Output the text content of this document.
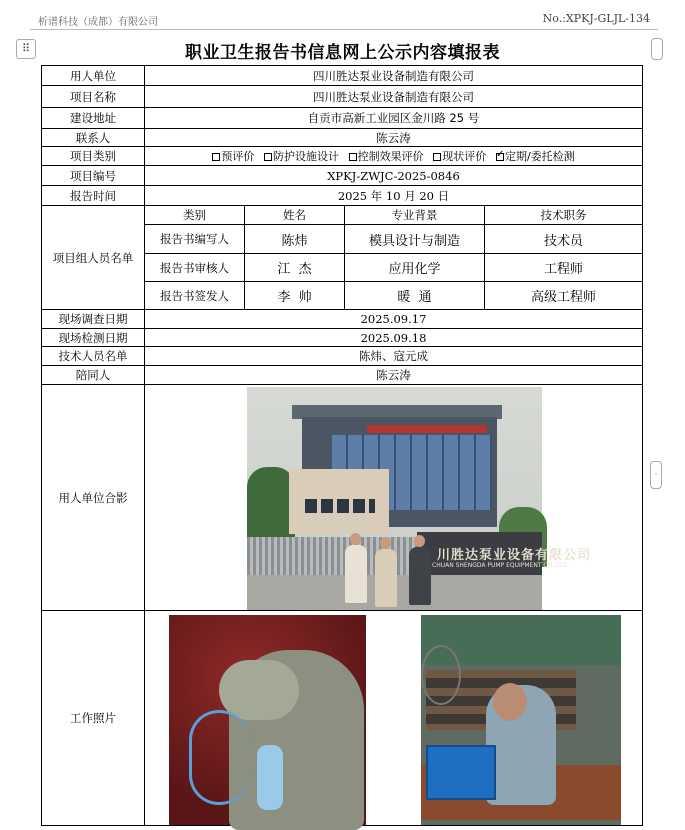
析谱科技（成都）有限公司	No.:XPKJ-GLJL-134
⠿
·
职业卫生报告书信息网上公示内容填报表
用人单位	四川胜达泵业设备制造有限公司			
项目名称	四川胜达泵业设备制造有限公司			
建设地址	自贡市高新工业园区金川路 25 号			
联系人	陈云涛			
项目类别	预评价 防护设施设计 控制效果评价 现状评价 ✓ 定期/委托检测
项目编号	XPKJ-ZWJC-2025-0846			
报告时间	2025 年 10 月 20 日			
项目组人员名单	类别	姓名	专业背景	技术职务
	报告书编写人	陈炜	模具设计与制造	技术员
	报告书审核人	江  杰	应用化学	工程师
	报告书签发人	李  帅	暖  通	高级工程师
现场调查日期	2025.09.17			
现场检测日期	2025.09.18			
技术人员名单	陈炜、寇元成			
陪同人	陈云涛			
用人单位合影	川胜达泵业设备有限公司
CHUAN SHENGDA PUMP EQUIPMENT CO.,LTD			

工作照片				
